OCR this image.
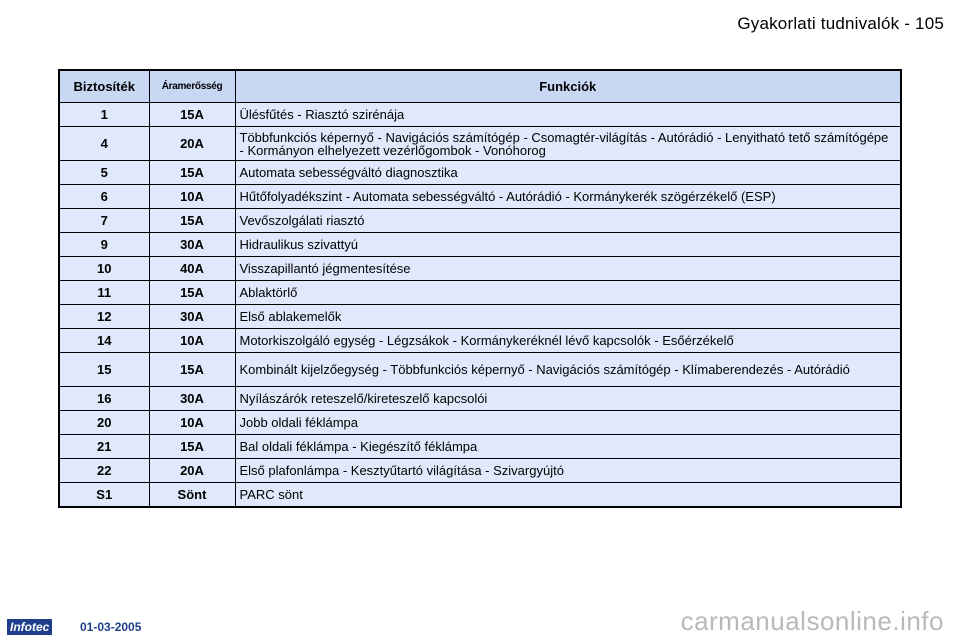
Gyakorlati tudnivalók - 105
Biztosíték	Áramerősség	Funkciók
1	15A	Ülésfűtés - Riasztó szirénája
4	20A	Többfunkciós képernyő - Navigációs számítógép - Csomagtér-világítás - Autórádió - Lenyitható tető számítógépe - Kormányon elhelyezett vezérlőgombok - Vonóhorog
5	15A	Automata sebességváltó diagnosztika
6	10A	Hűtőfolyadékszint - Automata sebességváltó - Autórádió - Kormánykerék szögérzékelő (ESP)
7	15A	Vevőszolgálati riasztó
9	30A	Hidraulikus szivattyú
10	40A	Visszapillantó jégmentesítése
11	15A	Ablaktörlő
12	30A	Első ablakemelők
14	10A	Motorkiszolgáló egység - Légzsákok - Kormánykeréknél lévő kapcsolók - Esőérzékelő
15	15A	Kombinált kijelzőegység - Többfunkciós képernyő - Navigációs számítógép - Klímaberendezés - Autórádió
16	30A	Nyílászárók reteszelő/kireteszelő kapcsolói
20	10A	Jobb oldali féklámpa
21	15A	Bal oldali féklámpa - Kiegészítő féklámpa
22	20A	Első plafonlámpa - Kesztyűtartó világítása - Szivargyújtó
S1	Sönt	PARC sönt
Infotec	01-03-2005	carmanualsonline.info
